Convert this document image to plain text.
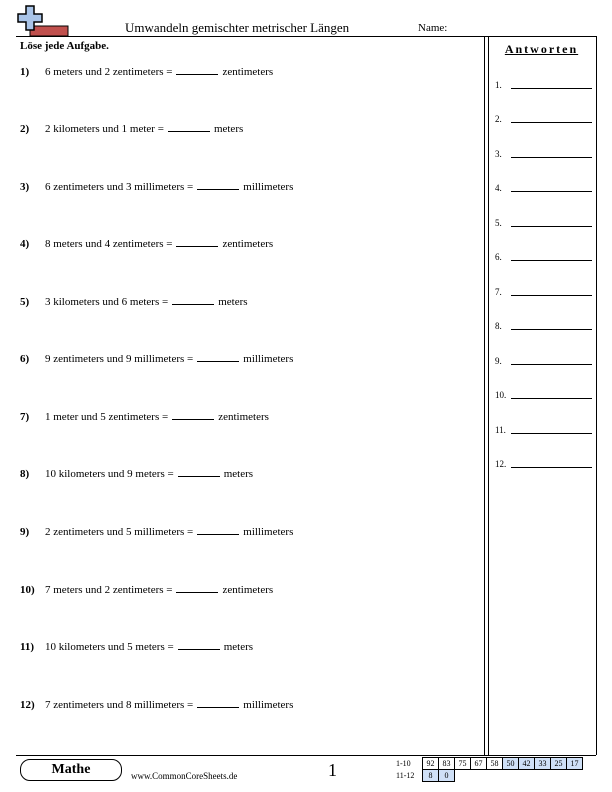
Umwandeln gemischter metrischer Längen	Name:
Löse jede Aufgabe.	Antworten
1) 6 meters und 2 zentimeters =	zentimeters
2) 2 kilometers und 1 meter =	meters
3) 6 zentimeters und 3 millimeters =	millimeters
4) 8 meters und 4 zentimeters =	zentimeters
5) 3 kilometers und 6 meters =	meters
6) 9 zentimeters und 9 millimeters =	millimeters
7) 1 meter und 5 zentimeters =	zentimeters
8) 10 kilometers und 9 meters =	meters
9) 2 zentimeters und 5 millimeters =	millimeters
10) 7 meters und 2 zentimeters =	zentimeters
11) 10 kilometers und 5 meters =	meters
12) 7 zentimeters und 8 millimeters =	millimeters
1.
2.
3.
4.
5.
6.
7.
8.
9.
10.
11.
12.
Mathe	www.CommonCoreSheets.de	1	1-10	92	83	75	67	58	50	42	33	25	17
11-12	8	0								
